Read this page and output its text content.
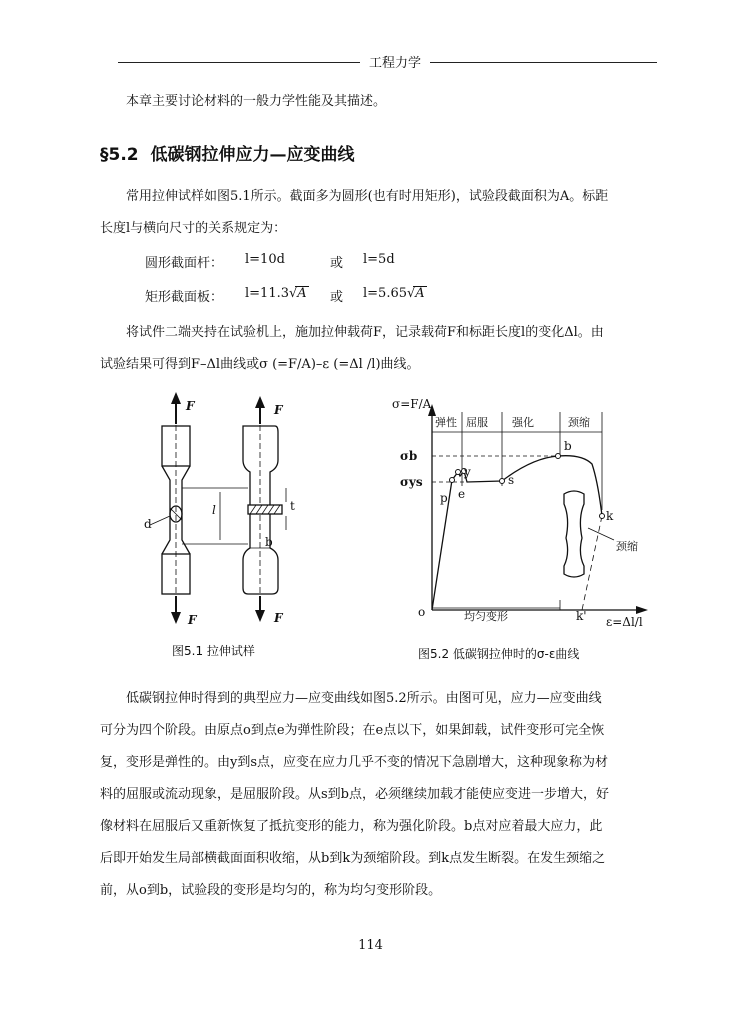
工程力学
本章主要讨论材料的一般力学性能及其描述。
§5.2 低碳钢拉伸应力—应变曲线
常用拉伸试样如图5.1所示。截面多为圆形(也有时用矩形)，试验段截面积为A。标距
长度l与横向尺寸的关系规定为：
圆形截面杆： l=10d	或 l=5d
矩形截面板： l=11.3√A 或 l=5.65√A
将试件二端夹持在试验机上，施加拉伸载荷F，记录载荷F和标距长度l的变化Δl。由
试验结果可得到F–Δl曲线或σ (=F/A)–ε (=Δl /l)曲线。
F	F
F	F
d
l	t
b
图5.1 拉伸试样
σ=F/A
ε=Δl/l
o
弹性 屈服 强化	颈缩
均匀变形
颈缩
σb
σys
p e
y
s
b
k
k'
图5.2 低碳钢拉伸时的σ-ε曲线
低碳钢拉伸时得到的典型应力—应变曲线如图5.2所示。由图可见，应力—应变曲线
可分为四个阶段。由原点o到点e为弹性阶段；在e点以下，如果卸载，试件变形可完全恢
复，变形是弹性的。由y到s点，应变在应力几乎不变的情况下急剧增大，这种现象称为材
料的屈服或流动现象，是屈服阶段。从s到b点，必须继续加载才能使应变进一步增大，好
像材料在屈服后又重新恢复了抵抗变形的能力，称为强化阶段。b点对应着最大应力，此
后即开始发生局部横截面面积收缩，从b到k为颈缩阶段。到k点发生断裂。在发生颈缩之
前，从o到b，试验段的变形是均匀的，称为均匀变形阶段。
114
